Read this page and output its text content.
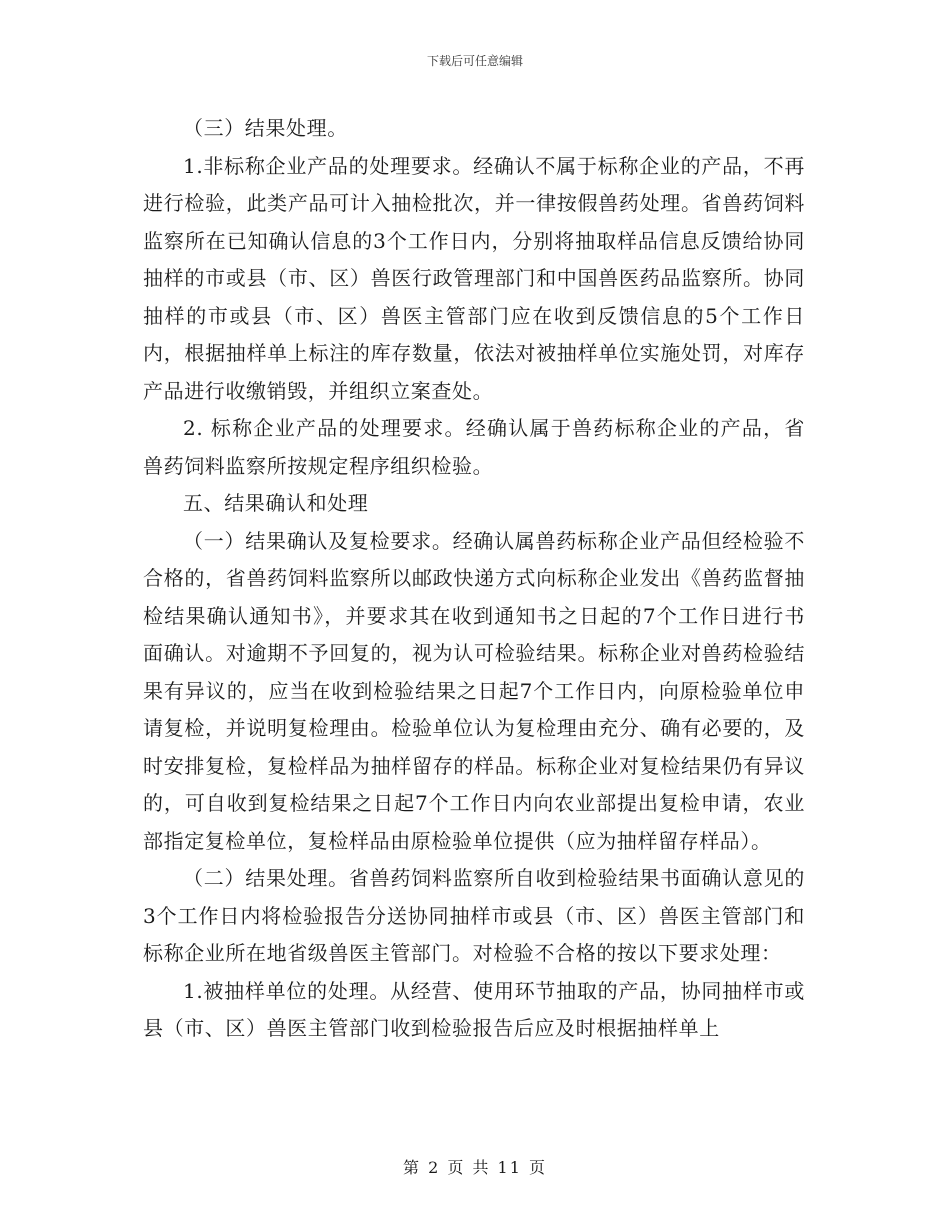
下载后可任意编辑

（三）结果处理。

1.非标称企业产品的处理要求。经确认不属于标称企业的产品，不再进行检验，此类产品可计入抽检批次，并一律按假兽药处理。省兽药饲料监察所在已知确认信息的3个工作日内，分别将抽取样品信息反馈给协同抽样的市或县（市、区）兽医行政管理部门和中国兽医药品监察所。协同抽样的市或县（市、区）兽医主管部门应在收到反馈信息的5个工作日内，根据抽样单上标注的库存数量，依法对被抽样单位实施处罚，对库存产品进行收缴销毁，并组织立案查处。

2. 标称企业产品的处理要求。经确认属于兽药标称企业的产品，省兽药饲料监察所按规定程序组织检验。

五、结果确认和处理

（一）结果确认及复检要求。经确认属兽药标称企业产品但经检验不合格的，省兽药饲料监察所以邮政快递方式向标称企业发出《兽药监督抽检结果确认通知书》，并要求其在收到通知书之日起的7个工作日进行书面确认。对逾期不予回复的，视为认可检验结果。标称企业对兽药检验结果有异议的，应当在收到检验结果之日起7个工作日内，向原检验单位申请复检，并说明复检理由。检验单位认为复检理由充分、确有必要的，及时安排复检，复检样品为抽样留存的样品。标称企业对复检结果仍有异议的，可自收到复检结果之日起7个工作日内向农业部提出复检申请，农业部指定复检单位，复检样品由原检验单位提供（应为抽样留存样品）。

（二）结果处理。省兽药饲料监察所自收到检验结果书面确认意见的3个工作日内将检验报告分送协同抽样市或县（市、区）兽医主管部门和标称企业所在地省级兽医主管部门。对检验不合格的按以下要求处理：

1.被抽样单位的处理。从经营、使用环节抽取的产品，协同抽样市或县（市、区）兽医主管部门收到检验报告后应及时根据抽样单上

第 2 页 共 11 页
